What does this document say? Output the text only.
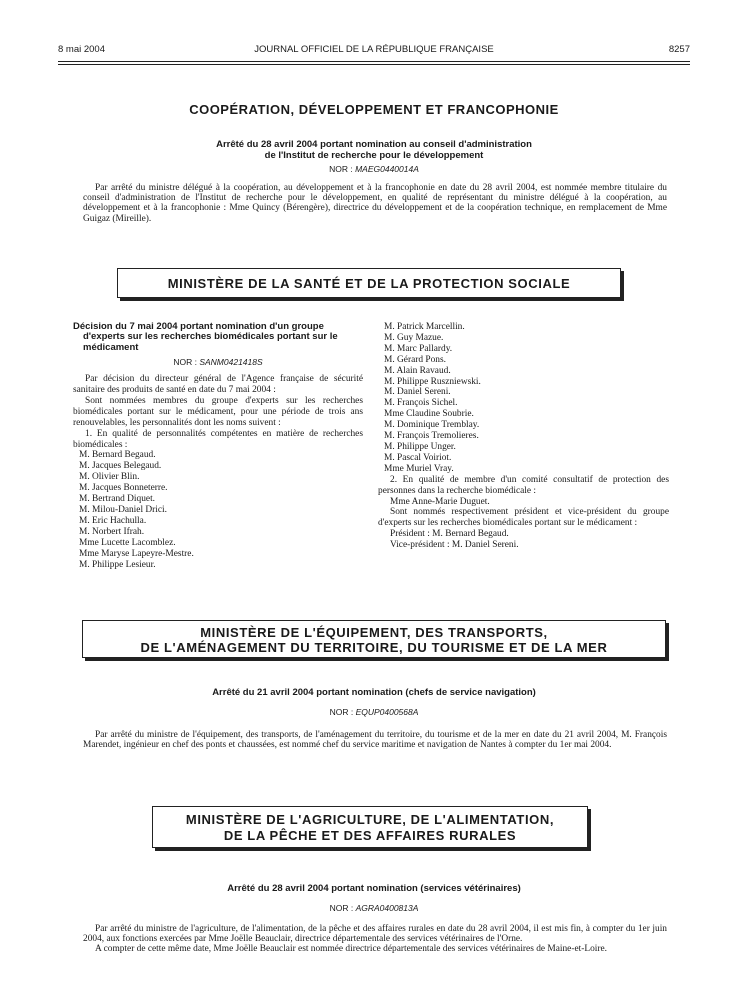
8 mai 2004	JOURNAL OFFICIEL DE LA RÉPUBLIQUE FRANÇAISE	8257
COOPÉRATION, DÉVELOPPEMENT ET FRANCOPHONIE
Arrêté du 28 avril 2004 portant nomination au conseil d'administration
de l'Institut de recherche pour le développement
NOR : MAEG0440014A

Par arrêté du ministre délégué à la coopération, au développement et à la francophonie en date du 28 avril 2004, est nommée membre titulaire du conseil d'administration de l'Institut de recherche pour le développement, en qualité de représentant du ministre délégué à la coopération, au développement et à la francophonie : Mme Quincy (Bérengère), directrice du développement et de la coopération technique, en remplacement de Mme Guigaz (Mireille).

MINISTÈRE DE LA SANTÉ ET DE LA PROTECTION SOCIALE
Décision du 7 mai 2004 portant nomination d'un groupe
d'experts sur les recherches biomédicales portant sur le
médicament
NOR : SANM0421418S

Par décision du directeur général de l'Agence française de sécurité sanitaire des produits de santé en date du 7 mai 2004 :

Sont nommées membres du groupe d'experts sur les recherches biomédicales portant sur le médicament, pour une période de trois ans renouvelables, les personnalités dont les noms suivent :

1. En qualité de personnalités compétentes en matière de recherches biomédicales :

M. Bernard Begaud.

M. Jacques Belegaud.

M. Olivier Blin.

M. Jacques Bonneterre.

M. Bertrand Diquet.

M. Milou-Daniel Drici.

M. Eric Hachulla.

M. Norbert Ifrah.

Mme Lucette Lacomblez.

Mme Maryse Lapeyre-Mestre.

M. Philippe Lesieur.

M. Patrick Marcellin.

M. Guy Mazue.

M. Marc Pallardy.

M. Gérard Pons.

M. Alain Ravaud.

M. Philippe Ruszniewski.

M. Daniel Sereni.

M. François Sichel.

Mme Claudine Soubrie.

M. Dominique Tremblay.

M. François Tremolieres.

M. Philippe Unger.

M. Pascal Voiriot.

Mme Muriel Vray.

2. En qualité de membre d'un comité consultatif de protection des personnes dans la recherche biomédicale :

Mme Anne-Marie Duguet.

Sont nommés respectivement président et vice-président du groupe d'experts sur les recherches biomédicales portant sur le médicament :

Président : M. Bernard Begaud.

Vice-président : M. Daniel Sereni.

MINISTÈRE DE L'ÉQUIPEMENT, DES TRANSPORTS,
DE L'AMÉNAGEMENT DU TERRITOIRE, DU TOURISME ET DE LA MER
Arrêté du 21 avril 2004 portant nomination (chefs de service navigation)
NOR : EQUP0400568A

Par arrêté du ministre de l'équipement, des transports, de l'aménagement du territoire, du tourisme et de la mer en date du 21 avril 2004, M. François Marendet, ingénieur en chef des ponts et chaussées, est nommé chef du service maritime et navigation de Nantes à compter du 1er mai 2004.

MINISTÈRE DE L'AGRICULTURE, DE L'ALIMENTATION,
DE LA PÊCHE ET DES AFFAIRES RURALES
Arrêté du 28 avril 2004 portant nomination (services vétérinaires)
NOR : AGRA0400813A

Par arrêté du ministre de l'agriculture, de l'alimentation, de la pêche et des affaires rurales en date du 28 avril 2004, il est mis fin, à compter du 1er juin 2004, aux fonctions exercées par Mme Joëlle Beauclair, directrice départementale des services vétérinaires de l'Orne.

A compter de cette même date, Mme Joëlle Beauclair est nommée directrice départementale des services vétérinaires de Maine-et-Loire.
